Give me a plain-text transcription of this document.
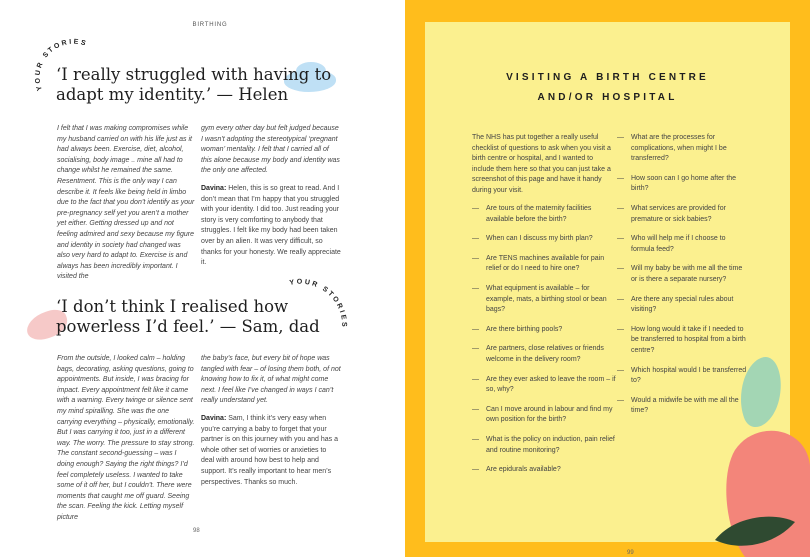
BIRTHING
YOUR STORIES
‘I really struggled with having to adapt my identity.’ — Helen

I felt that I was making compromises while my husband carried on with his life just as it had always been. Exercise, diet, alcohol, socialising, body image .. mine all had to change whilst he remained the same. Resentment. This is the only way I can describe it. It feels like being held in limbo due to the fact that you don’t identify as your pre-pregnancy self yet you aren’t a mother yet either. Getting dressed up and not feeling admired and sexy because my figure and identity in society had changed was also very hard to adapt to. Exercise is and always has been incredibly important. I visited the

gym every other day but felt judged because I wasn’t adopting the stereotypical ‘pregnant woman’ mentality. I felt that I carried all of this alone because my body and identity was the only one affected.

Davina: Helen, this is so great to read. And I don’t mean that I’m happy that you struggled with your identity. I did too. Just reading your story is very comforting to anybody that struggles. I felt like my body had been taken over by an alien. It was very difficult, so thanks for your honesty. We really appreciate it.

YOUR STORIES
‘I don’t think I realised how powerless I’d feel.’ — Sam, dad

From the outside, I looked calm – holding bags, decorating, asking questions, going to appointments. But inside, I was bracing for impact. Every appointment felt like it came with a warning. Every twinge or silence sent my mind spiralling. She was the one carrying everything – physically, emotionally. But I was carrying it too, just in a different way. The worry. The pressure to stay strong. The constant second-guessing – was I doing enough? Saying the right things? I’d feel completely useless. I wanted to take some of it off her, but I couldn’t. There were moments that caught me off guard. Seeing the scan. Feeling the kick. Letting myself picture

the baby’s face, but every bit of hope was tangled with fear – of losing them both, of not knowing how to fix it, of what might come next. I feel like I’ve changed in ways I can’t really understand yet.

Davina: Sam, I think it’s very easy when you’re carrying a baby to forget that your partner is on this journey with you and has a whole other set of worries or anxieties to deal with around how best to help and support. It’s really important to hear men’s perspectives. Thanks so much.

98
VISITING A BIRTH CENTRE
AND/OR HOSPITAL
The NHS has put together a really useful checklist of questions to ask when you visit a birth centre or hospital, and I wanted to include them here so that you can just take a screenshot of this page and have it handy during your visit.
— Are tours of the maternity facilities available before the birth?
— When can I discuss my birth plan?
— Are TENS machines available for pain relief or do I need to hire one?
— What equipment is available – for example, mats, a birthing stool or bean bags?
— Are there birthing pools?
— Are partners, close relatives or friends welcome in the delivery room?
— Are they ever asked to leave the room – if so, why?
— Can I move around in labour and find my own position for the birth?
— What is the policy on induction, pain relief and routine monitoring?
— Are epidurals available?
— What are the processes for complications, when might I be transferred?
— How soon can I go home after the birth?
— What services are provided for premature or sick babies?
— Who will help me if I choose to formula feed?
— Will my baby be with me all the time or is there a separate nursery?
— Are there any special rules about visiting?
— How long would it take if I needed to be transferred to hospital from a birth centre?
— Which hospital would I be transferred to?
— Would a midwife be with me all the time?
99
